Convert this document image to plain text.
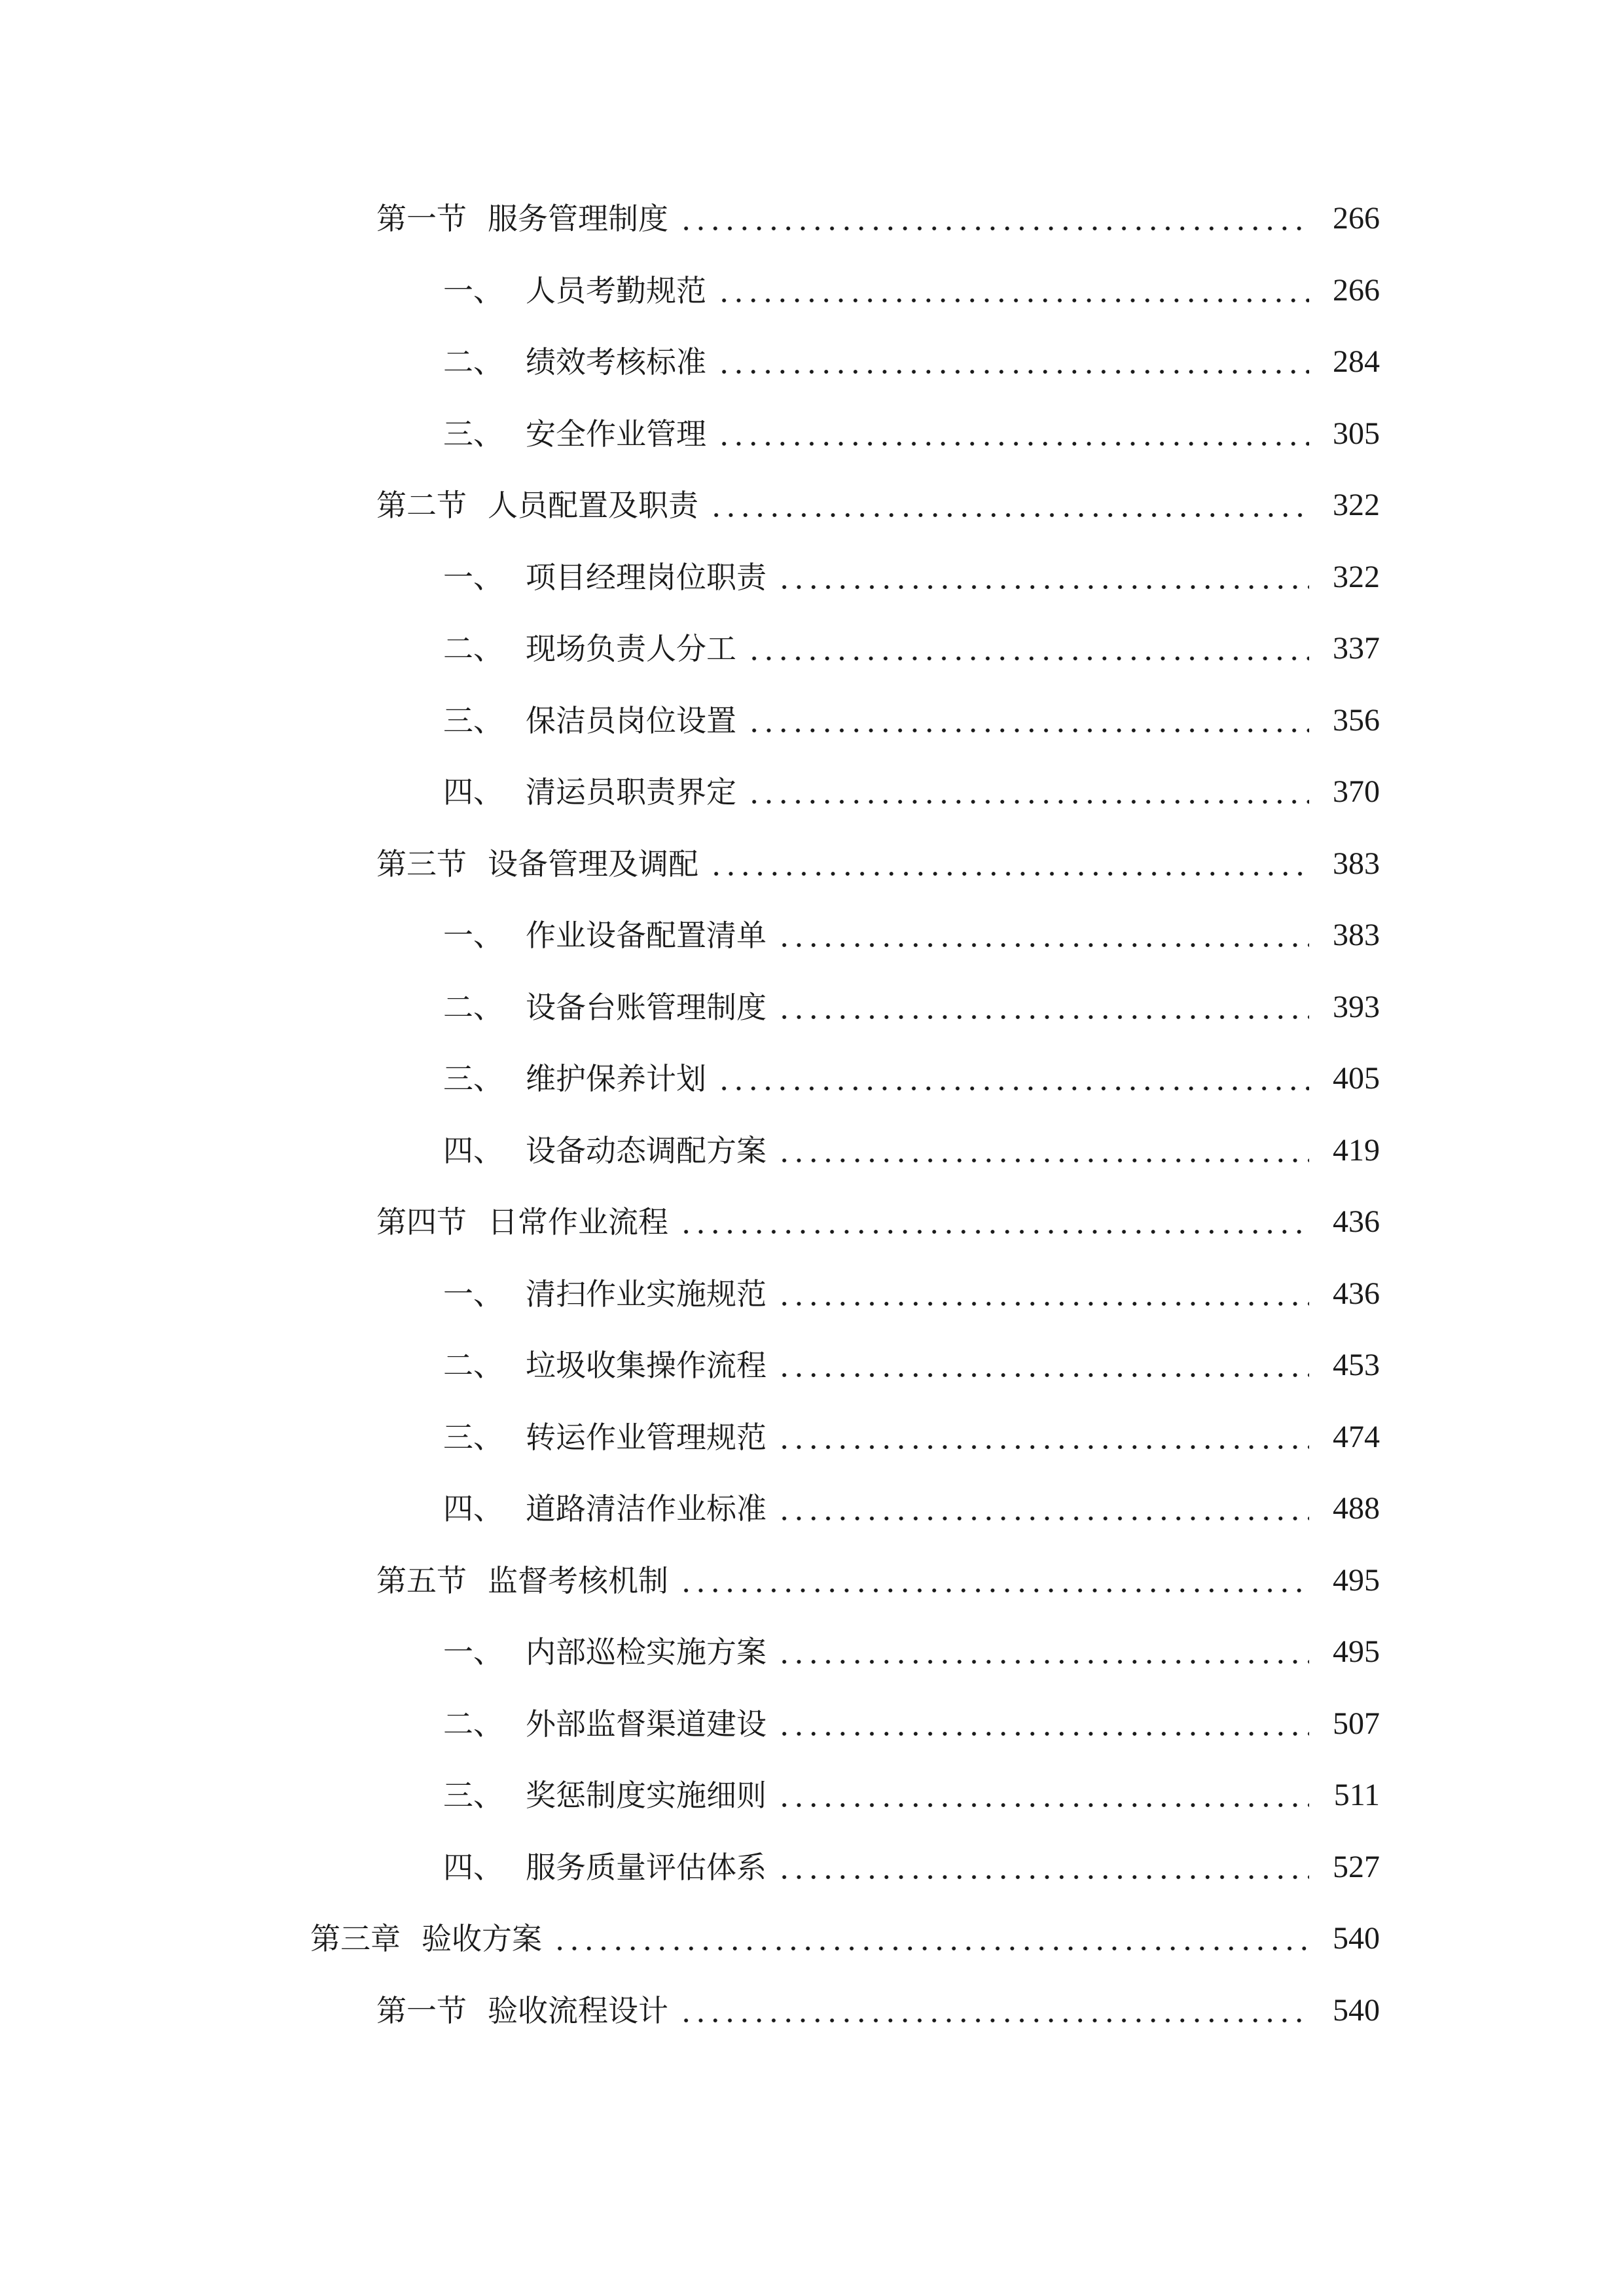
第一节 服务管理制度	266
一、 人员考勤规范	266
二、 绩效考核标准	284
三、 安全作业管理	305
第二节 人员配置及职责	322
一、 项目经理岗位职责	322
二、 现场负责人分工	337
三、 保洁员岗位设置	356
四、 清运员职责界定	370
第三节 设备管理及调配	383
一、 作业设备配置清单	383
二、 设备台账管理制度	393
三、 维护保养计划	405
四、 设备动态调配方案	419
第四节 日常作业流程	436
一、 清扫作业实施规范	436
二、 垃圾收集操作流程	453
三、 转运作业管理规范	474
四、 道路清洁作业标准	488
第五节 监督考核机制	495
一、 内部巡检实施方案	495
二、 外部监督渠道建设	507
三、 奖惩制度实施细则	511
四、 服务质量评估体系	527
第三章 验收方案	540
第一节 验收流程设计	540
